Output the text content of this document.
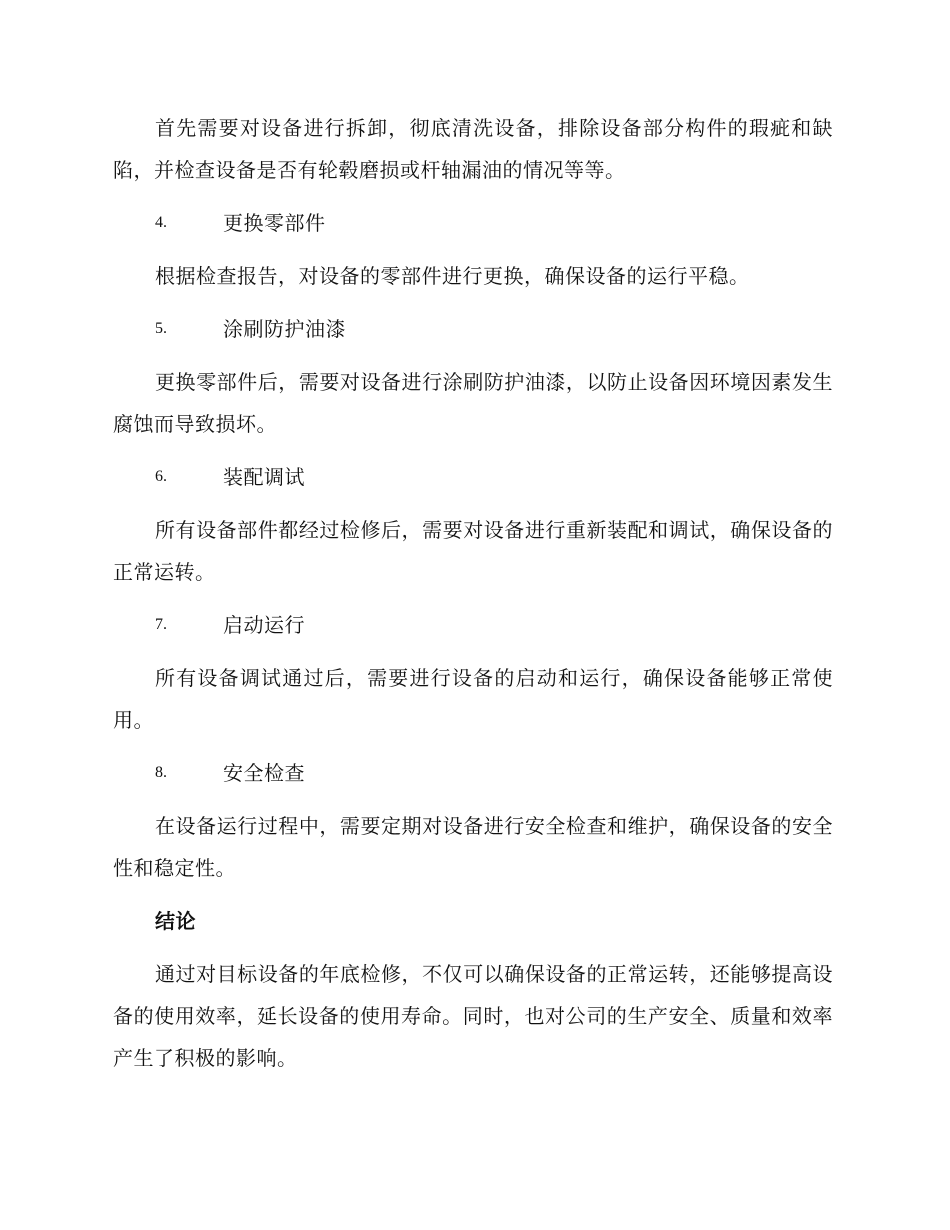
首先需要对设备进行拆卸，彻底清洗设备，排除设备部分构件的瑕疵和缺陷，并检查设备是否有轮毂磨损或杆轴漏油的情况等等。

4.	更换零部件

根据检查报告，对设备的零部件进行更换，确保设备的运行平稳。

5.	涂刷防护油漆

更换零部件后，需要对设备进行涂刷防护油漆，以防止设备因环境因素发生腐蚀而导致损坏。

6.	装配调试

所有设备部件都经过检修后，需要对设备进行重新装配和调试，确保设备的正常运转。

7.	启动运行

所有设备调试通过后，需要进行设备的启动和运行，确保设备能够正常使用。

8.	安全检查

在设备运行过程中，需要定期对设备进行安全检查和维护，确保设备的安全性和稳定性。

结论

通过对目标设备的年底检修，不仅可以确保设备的正常运转，还能够提高设备的使用效率，延长设备的使用寿命。同时，也对公司的生产安全、质量和效率产生了积极的影响。
